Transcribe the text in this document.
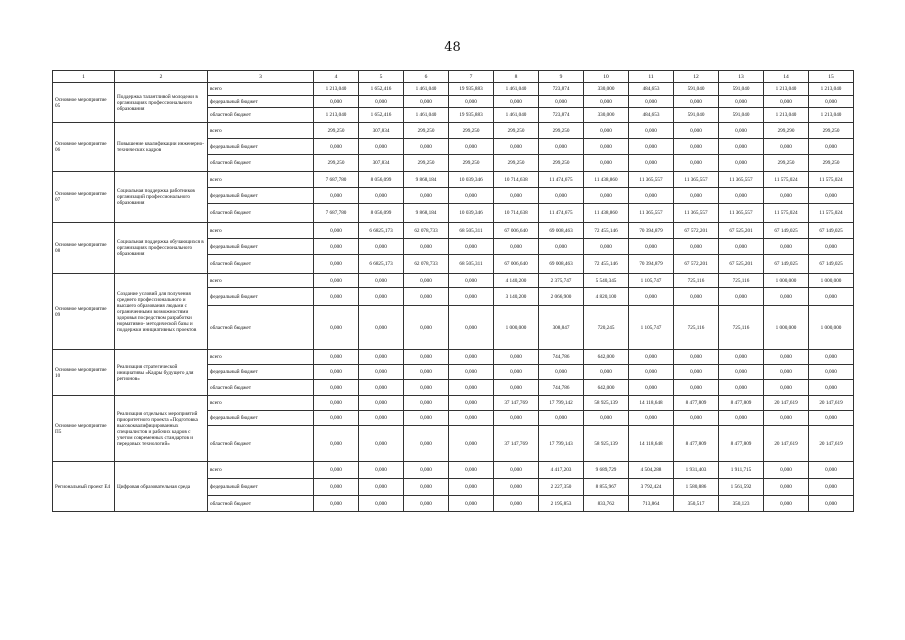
48
1	2	3	4	5	6	7	8	9	10	11	12	13	14	15
Основное мероприятие 05	Поддержка талантливой молодежи в организациях профессионального образования	всего	1 213,040	1 652,416	1 461,040	19 935,883	1 461,040	723,874	330,000	484,653	591,040	591,040	1 213,040	1 213,040
		федеральный бюджет	0,000	0,000	0,000	0,000	0,000	0,000	0,000	0,000	0,000	0,000	0,000	0,000
		областной бюджет	1 213,040	1 652,416	1 461,040	19 935,883	1 461,040	723,874	330,000	484,653	591,040	591,040	1 213,040	1 213,040
Основное мероприятие 06	Повышение квалификации инженерно- технических кадров	всего	299,250	307,834	299,250	299,250	299,250	299,250	0,000	0,000	0,000	0,000	299,290	299,250
		федеральный бюджет	0,000	0,000	0,000	0,000	0,000	0,000	0,000	0,000	0,000	0,000	0,000	0,000
		областной бюджет	299,250	307,834	299,250	299,250	299,250	299,250	0,000	0,000	0,000	0,000	299,250	299,250
Основное мероприятие 07	Социальная поддержка работников организаций профессионального образования	всего	7 687,780	8 056,099	9 868,184	10 039,346	10 714,638	11 474,675	11 438,860	11 365,557	11 365,557	11 365,557	11 575,024	11 575,024
		федеральный бюджет	0,000	0,000	0,000	0,000	0,000	0,000	0,000	0,000	0,000	0,000	0,000	0,000
		областной бюджет	7 687,780	8 056,099	9 868,184	10 039,346	10 714,638	11 474,675	11 438,860	11 365,557	11 365,557	11 365,557	11 575,024	11 575,024
Основное мероприятие 08	Социальная поддержка обучающихся в организациях профессионального образования	всего	0,000	6 6825,173	62 078,733	68 505,311	67 006,640	69 008,463	72 455,146	70 394,879	67 572,201	67 525,201	67 149,025	67 149,025
		федеральный бюджет	0,000	0,000	0,000	0,000	0,000	0,000	0,000	0,000	0,000	0,000	0,000	0,000
		областной бюджет	0,000	6 6825,173	62 078,733	68 505,311	67 006,640	69 008,463	72 455,146	70 394,879	67 572,201	67 525,201	67 149,025	67 149,025
Основное мероприятие 09	Создание условий для получения среднего профессионального и высшего образования людьми с ограниченными возможностями здоровья посредством разработки нормативно- методической базы и поддержки инициативных проектов	всего	0,000	0,000	0,000	0,000	4 140,200	2 375,747	5 540,345	1 105,747	725,116	725,116	1 000,000	1 000,000
		федеральный бюджет	0,000	0,000	0,000	0,000	3 140,200	2 066,900	4 820,100	0,000	0,000	0,000	0,000	0,000
		областной бюджет	0,000	0,000	0,000	0,000	1 000,000	308,847	720,245	1 105,747	725,116	725,116	1 000,000	1 000,000
Основное мероприятие 10	Реализация стратегической инициативы «Кадры будущего для регионов»	всего	0,000	0,000	0,000	0,000	0,000	744,786	642,000	0,000	0,000	0,000	0,000	0,000
		федеральный бюджет	0,000	0,000	0,000	0,000	0,000	0,000	0,000	0,000	0,000	0,000	0,000	0,000
		областной бюджет	0,000	0,000	0,000	0,000	0,000	744,786	642,000	0,000	0,000	0,000	0,000	0,000
Основное мероприятие П5	Реализация отдельных мероприятий приоритетного проекта «Подготовка высококвалифицированных специалистов и рабочих кадров с учетом современных стандартов и передовых технологий»	всего	0,000	0,000	0,000	0,000	37 147,769	17 799,142	58 925,139	14 118,648	8 477,809	8 477,809	20 147,619	20 147,619
		федеральный бюджет	0,000	0,000	0,000	0,000	0,000	0,000	0,000	0,000	0,000	0,000	0,000	0,000
		областной бюджет	0,000	0,000	0,000	0,000	37 147,769	17 799,143	58 925,139	14 118,648	8 477,809	8 477,809	20 147,619	20 147,619
Региональный проект Е4	Цифровая образовательная среда	всего	0,000	0,000	0,000	0,000	0,000	4 417,203	9 689,729	4 504,288	1 931,403	1 911,715	0,000	0,000
		федеральный бюджет	0,000	0,000	0,000	0,000	0,000	2 227,350	8 855,967	3 792,424	1 580,886	1 561,592	0,000	0,000
		областной бюджет	0,000	0,000	0,000	0,000	0,000	2 195,853	833,762	713,864	350,517	350,123	0,000	0,000
